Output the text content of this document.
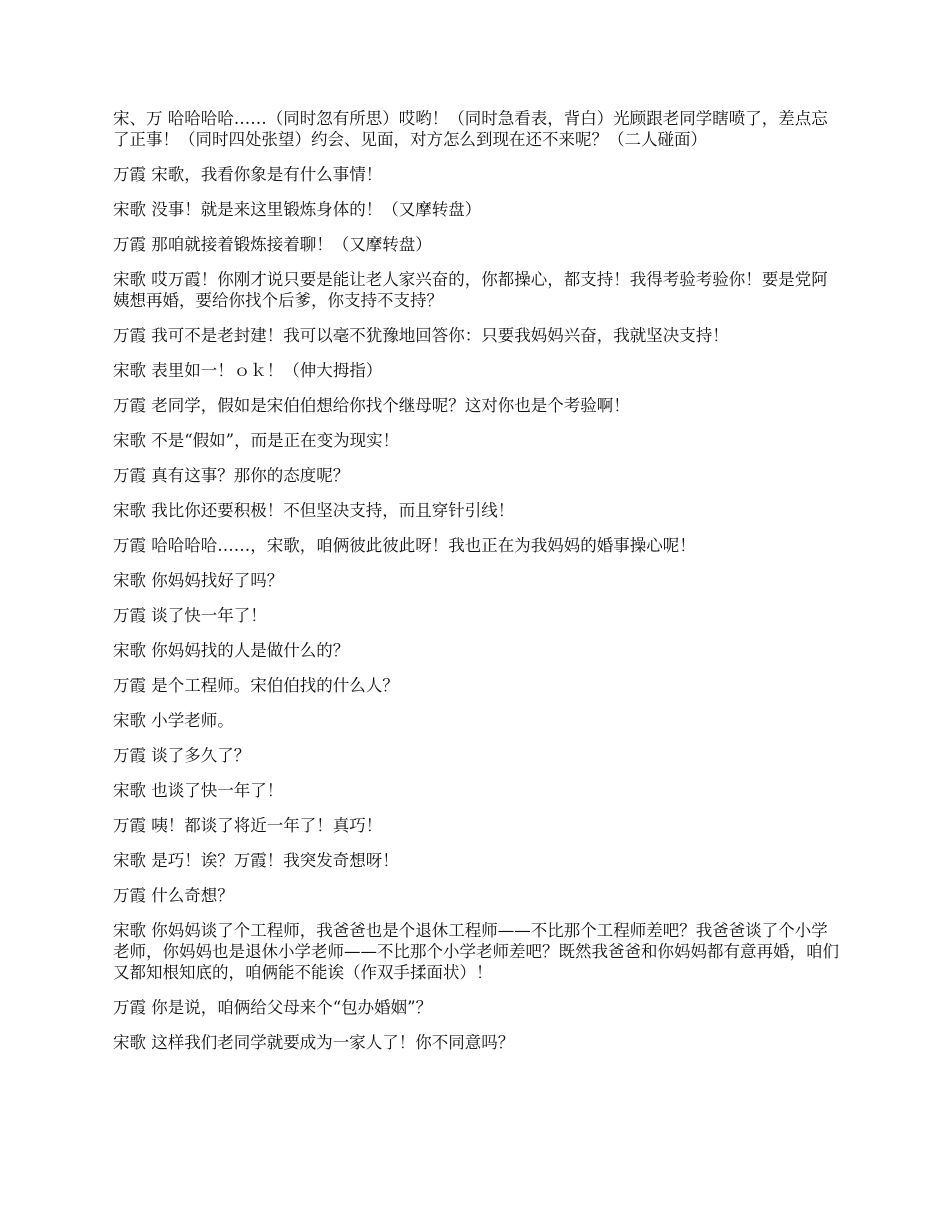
宋、万 哈哈哈哈……（同时忽有所思）哎哟！（同时急看表，背白）光顾跟老同学瞎喷了，差点忘了正事！（同时四处张望）约会、见面，对方怎么到现在还不来呢？（二人碰面）

万霞 宋歌，我看你象是有什么事情！

宋歌 没事！就是来这里锻炼身体的！（又摩转盘）

万霞 那咱就接着锻炼接着聊！（又摩转盘）

宋歌 哎万霞！你刚才说只要是能让老人家兴奋的，你都操心，都支持！我得考验考验你！要是党阿姨想再婚，要给你找个后爹，你支持不支持？

万霞 我可不是老封建！我可以毫不犹豫地回答你：只要我妈妈兴奋，我就坚决支持！

宋歌 表里如一！ｏｋ！（伸大拇指）

万霞 老同学，假如是宋伯伯想给你找个继母呢？这对你也是个考验啊！

宋歌 不是“假如”，而是正在变为现实！

万霞 真有这事？那你的态度呢？

宋歌 我比你还要积极！不但坚决支持，而且穿针引线！

万霞 哈哈哈哈……，宋歌，咱俩彼此彼此呀！我也正在为我妈妈的婚事操心呢！

宋歌 你妈妈找好了吗？

万霞 谈了快一年了！

宋歌 你妈妈找的人是做什么的？

万霞 是个工程师。宋伯伯找的什么人？

宋歌 小学老师。

万霞 谈了多久了？

宋歌 也谈了快一年了！

万霞 咦！都谈了将近一年了！真巧！

宋歌 是巧！诶？万霞！我突发奇想呀！

万霞 什么奇想？

宋歌 你妈妈谈了个工程师，我爸爸也是个退休工程师——不比那个工程师差吧？我爸爸谈了个小学老师，你妈妈也是退休小学老师——不比那个小学老师差吧？既然我爸爸和你妈妈都有意再婚，咱们又都知根知底的，咱俩能不能诶（作双手揉面状）！

万霞 你是说，咱俩给父母来个“包办婚姻”？

宋歌 这样我们老同学就要成为一家人了！你不同意吗？
